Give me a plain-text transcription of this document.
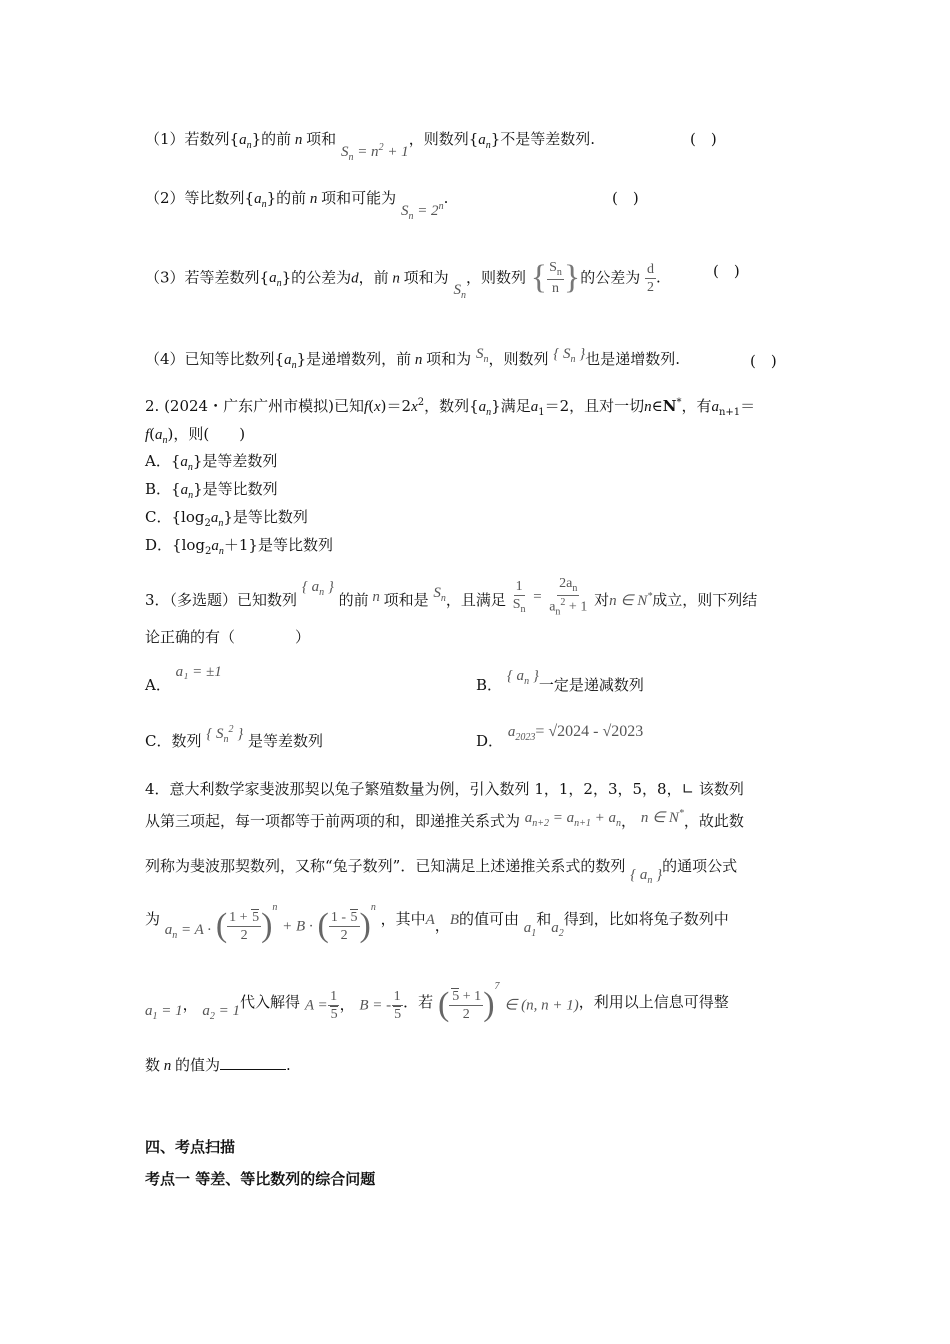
（1）若数列$\{a_n\}$的前 n 项和 $S_n = n^2 + 1$，则数列$\{a_n\}$不是等差数列.	(　)
（2）等比数列$\{a_n\}$的前 n 项和可能为 $S_n = 2^n$.	(　)
（3）若等差数列$\{a_n\}$的公差为d，前 n 项和为 $S_n$，则数列 { $\frac{S_n}{n}$ }的公差为 $\frac{d}{2}$ .	(　)
（4）已知等比数列$\{a_n\}$是递增数列，前 n 项和为 $S_n$，则数列 { $S_n$ }也是递增数列.	(　)
2. (2024・广东广州市模拟)已知$f(x)=2x^2$，数列$\{a_n\}$满足$a_1=2$，且对一切n∈N*，有$a_{n+1}=$
$f(a_n)$，则(　　)
A．$\{a_n\}$是等差数列
B．$\{a_n\}$是等比数列
C．$\{\log_2a_n\}$是等比数列
D．$\{\log_2a_n+1\}$是等比数列
3．（多选题）已知数列 { $a_n$ } 的前 n 项和是 $S_n$，且满足 $\frac{1}{S_n} = \frac{2a_n}{a_n^2 + 1}$ 对n ∈ N*成立，则下列结
论正确的有（　　　　）
A． a₁ = ±1
B． { $a_n$ }一定是递减数列
C．数列 { $S_n^2$ } 是等差数列	D． $a_{2023}= √2024 - √2023$
4．意大利数学家斐波那契以兔子繁殖数量为例，引入数列 1，1，2，3，5，8，∟ 该数列
从第三项起，每一项都等于前两项的和，即递推关系式为 $a_{n+2} = a_{n+1} + a_n$， n ∈ N*，故此数
列称为斐波那契数列，又称“兔子数列”．已知满足上述递推关系式的数列 { $a_n$ }的通项公式
为 $a_n = A$ · ( $\frac{1 + 5}{2} )^n + B$ · ( $\frac{1 - 5}{2} )^n$ ，其中A，B的值可由 $a_1$和$a_2$得到，比如将兔子数列中
$a_1 = 1$， $a_2 = 1$代入解得 $A = \frac{1}{5}$ ， B = - $\frac{1}{5}$ ．若 ( $\frac{5 + 1}{2} )^7$ ∈ (n, n + 1)，利用以上信息可得整
数 n 的值为	.
四、考点扫描
考点一 等差、等比数列的综合问题
